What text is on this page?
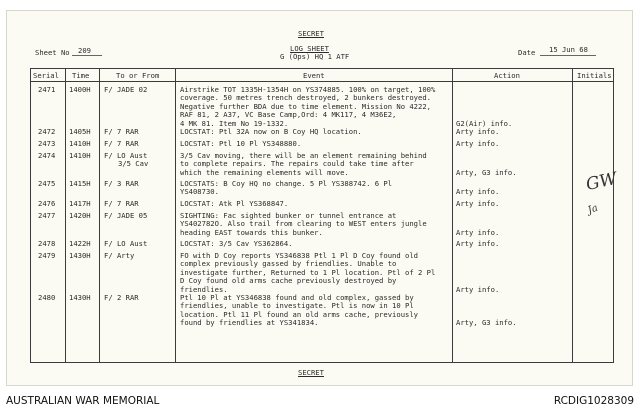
SECRET
Sheet No 209	LOG SHEET
G (Ops) HQ 1 ATF	Date 15 Jun 68
Serial Time	To or From	Event	Action	Initials
2471 1400H F/ JADE 02	Airstrike TOT 1335H-1354H on YS374885. 100% on target, 100%
coverage. 50 metres trench destroyed, 2 bunkers destroyed.
Negative further BDA due to time element. Mission No 4222,
RAF 81, 2 A37, VC Base Camp,Ord: 4 MK117, 4 M36E2,
4 MK 81. Item No 19-1332.	G2(Air) info.
2472 1405H F/ 7 RAR	LOCSTAT: Ptl 32A now on B Coy HQ location.	Arty info.
2473 1410H F/ 7 RAR	LOCSTAT: Ptl 10 Pl YS348880.	Arty info.
2474 1410H F/ LO Aust
3/5 Cav
3/5 Cav moving, there will be an element remaining behind
to complete repairs. The repairs could take time after
which the remaining elements will move.	Arty, G3 info.
2475 1415H F/ 3 RAR	LOCSTATS: B Coy HQ no change. 5 Pl YS388742. 6 Pl
YS408730.	Arty info.
2476 1417H F/ 7 RAR	LOCSTAT: Atk Pl YS368847.	Arty info.
2477 1420H F/ JADE 05	SIGHTING: Fac sighted bunker or tunnel entrance at
YS402782O. Also trail from clearing to WEST enters jungle
heading EAST towards this bunker.	Arty info.
2478 1422H F/ LO Aust	LOCSTAT: 3/5 Cav YS362864.	Arty info.
2479 1430H F/ Arty	FO with D Coy reports YS346838 Ptl 1 Pl D Coy found old
complex previously gassed by friendlies. Unable to
investigate further, Returned to 1 Pl location. Ptl of 2 Pl
D Coy found old arms cache previously destroyed by
friendlies.	Arty info.
2480 1430H F/ 2 RAR	Ptl 10 Pl at YS346838 found and old complex, gassed by
friendlies, unable to investigate. Ptl is now in 10 Pl
location. Ptl 11 Pl found an old arms cache, previously
found by friendlies at YS341834.	Arty, G3 info.
GW
Ja
SECRET
AUSTRALIAN WAR MEMORIAL	RCDIG1028309
